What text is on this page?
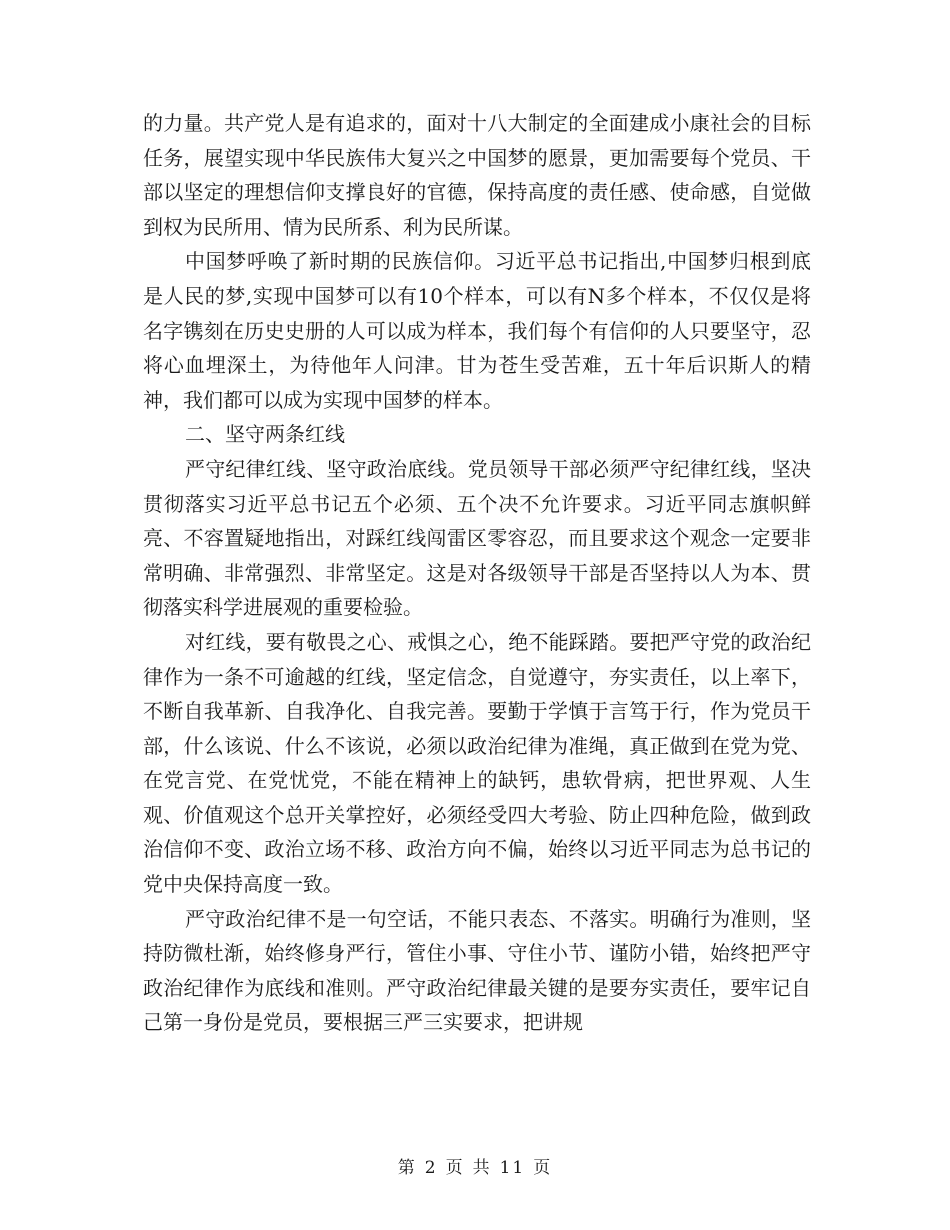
的力量。共产党人是有追求的，面对十八大制定的全面建成小康社会的目标任务，展望实现中华民族伟大复兴之中国梦的愿景，更加需要每个党员、干部以坚定的理想信仰支撑良好的官德，保持高度的责任感、使命感，自觉做到权为民所用、情为民所系、利为民所谋。

中国梦呼唤了新时期的民族信仰。习近平总书记指出,中国梦归根到底是人民的梦,实现中国梦可以有10个样本，可以有N多个样本，不仅仅是将名字镌刻在历史史册的人可以成为样本，我们每个有信仰的人只要坚守，忍将心血埋深土，为待他年人问津。甘为苍生受苦难，五十年后识斯人的精神，我们都可以成为实现中国梦的样本。

二、坚守两条红线

严守纪律红线、坚守政治底线。党员领导干部必须严守纪律红线，坚决贯彻落实习近平总书记五个必须、五个决不允许要求。习近平同志旗帜鲜亮、不容置疑地指出，对踩红线闯雷区零容忍，而且要求这个观念一定要非常明确、非常强烈、非常坚定。这是对各级领导干部是否坚持以人为本、贯彻落实科学进展观的重要检验。

对红线，要有敬畏之心、戒惧之心，绝不能踩踏。要把严守党的政治纪律作为一条不可逾越的红线，坚定信念，自觉遵守，夯实责任，以上率下，不断自我革新、自我净化、自我完善。要勤于学慎于言笃于行，作为党员干部，什么该说、什么不该说，必须以政治纪律为准绳，真正做到在党为党、在党言党、在党忧党，不能在精神上的缺钙，患软骨病，把世界观、人生观、价值观这个总开关掌控好，必须经受四大考验、防止四种危险，做到政治信仰不变、政治立场不移、政治方向不偏，始终以习近平同志为总书记的党中央保持高度一致。

严守政治纪律不是一句空话，不能只表态、不落实。明确行为准则，坚持防微杜渐，始终修身严行，管住小事、守住小节、谨防小错，始终把严守政治纪律作为底线和准则。严守政治纪律最关键的是要夯实责任，要牢记自己第一身份是党员，要根据三严三实要求，把讲规

第 2 页 共 11 页
